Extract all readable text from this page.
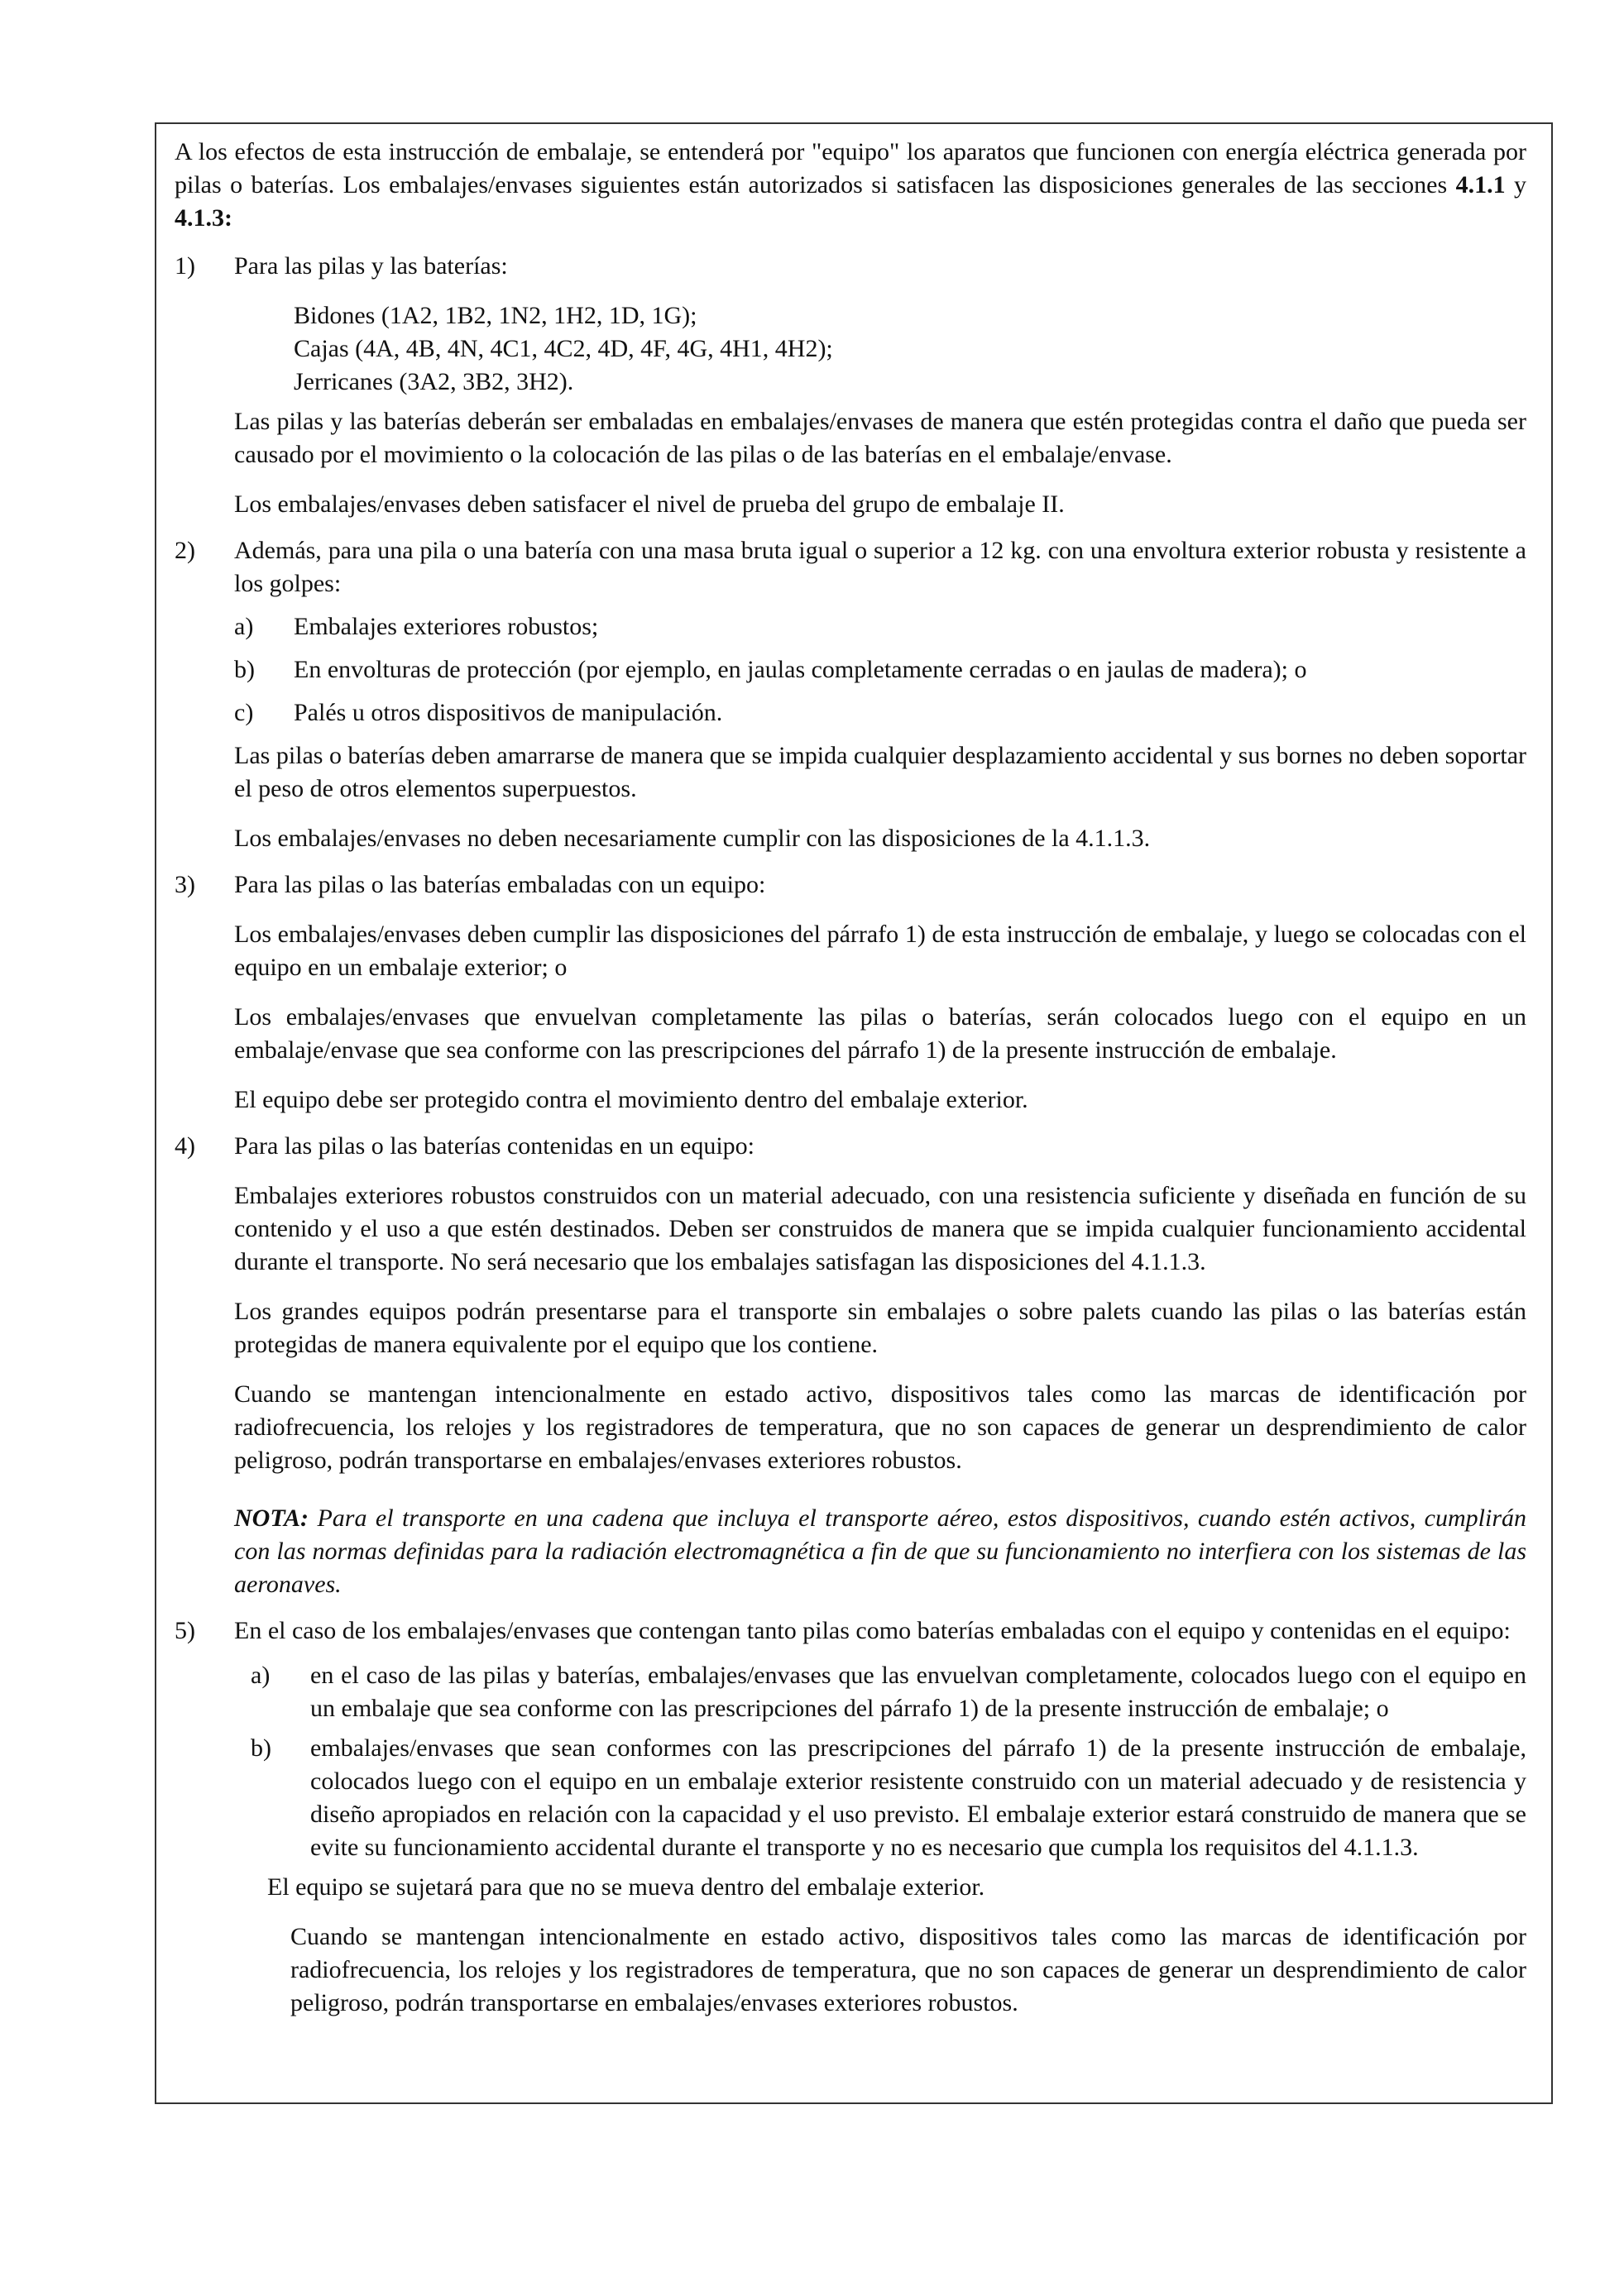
A los efectos de esta instrucción de embalaje, se entenderá por "equipo" los aparatos que funcionen con energía eléctrica generada por pilas o baterías. Los embalajes/envases siguientes están autorizados si satisfacen las disposiciones generales de las secciones 4.1.1 y 4.1.3:

1) Para las pilas y las baterías:

Bidones (1A2, 1B2, 1N2, 1H2, 1D, 1G);

Cajas (4A, 4B, 4N, 4C1, 4C2, 4D, 4F, 4G, 4H1, 4H2);

Jerricanes (3A2, 3B2, 3H2).

Las pilas y las baterías deberán ser embaladas en embalajes/envases de manera que estén protegidas contra el daño que pueda ser causado por el movimiento o la colocación de las pilas o de las baterías en el embalaje/envase.

Los embalajes/envases deben satisfacer el nivel de prueba del grupo de embalaje II.

2) Además, para una pila o una batería con una masa bruta igual o superior a 12 kg. con una envoltura exterior robusta y resistente a los golpes:

a) Embalajes exteriores robustos;

b) En envolturas de protección (por ejemplo, en jaulas completamente cerradas o en jaulas de madera); o

c) Palés u otros dispositivos de manipulación.

Las pilas o baterías deben amarrarse de manera que se impida cualquier desplazamiento accidental y sus bornes no deben soportar el peso de otros elementos superpuestos.

Los embalajes/envases no deben necesariamente cumplir con las disposiciones de la 4.1.1.3.

3) Para las pilas o las baterías embaladas con un equipo:

Los embalajes/envases deben cumplir las disposiciones del párrafo 1) de esta instrucción de embalaje, y luego se colocadas con el equipo en un embalaje exterior; o

Los embalajes/envases que envuelvan completamente las pilas o baterías, serán colocados luego con el equipo en un embalaje/envase que sea conforme con las prescripciones del párrafo 1) de la presente instrucción de embalaje.

El equipo debe ser protegido contra el movimiento dentro del embalaje exterior.

4) Para las pilas o las baterías contenidas en un equipo:

Embalajes exteriores robustos construidos con un material adecuado, con una resistencia suficiente y diseñada en función de su contenido y el uso a que estén destinados. Deben ser construidos de manera que se impida cualquier funcionamiento accidental durante el transporte. No será necesario que los embalajes satisfagan las disposiciones del 4.1.1.3.

Los grandes equipos podrán presentarse para el transporte sin embalajes o sobre palets cuando las pilas o las baterías están protegidas de manera equivalente por el equipo que los contiene.

Cuando se mantengan intencionalmente en estado activo, dispositivos tales como las marcas de identificación por radiofrecuencia, los relojes y los registradores de temperatura, que no son capaces de generar un desprendimiento de calor peligroso, podrán transportarse en embalajes/envases exteriores robustos.

NOTA: Para el transporte en una cadena que incluya el transporte aéreo, estos dispositivos, cuando estén activos, cumplirán con las normas definidas para la radiación electromagnética a fin de que su funcionamiento no interfiera con los sistemas de las aeronaves.

5) En el caso de los embalajes/envases que contengan tanto pilas como baterías embaladas con el equipo y contenidas en el equipo:

a) en el caso de las pilas y baterías, embalajes/envases que las envuelvan completamente, colocados luego con el equipo en un embalaje que sea conforme con las prescripciones del párrafo 1) de la presente instrucción de embalaje; o

b) embalajes/envases que sean conformes con las prescripciones del párrafo 1) de la presente instrucción de embalaje, colocados luego con el equipo en un embalaje exterior resistente construido con un material adecuado y de resistencia y diseño apropiados en relación con la capacidad y el uso previsto. El embalaje exterior estará construido de manera que se evite su funcionamiento accidental durante el transporte y no es necesario que cumpla los requisitos del 4.1.1.3.

El equipo se sujetará para que no se mueva dentro del embalaje exterior.

Cuando se mantengan intencionalmente en estado activo, dispositivos tales como las marcas de identificación por radiofrecuencia, los relojes y los registradores de temperatura, que no son capaces de generar un desprendimiento de calor peligroso, podrán transportarse en embalajes/envases exteriores robustos.
